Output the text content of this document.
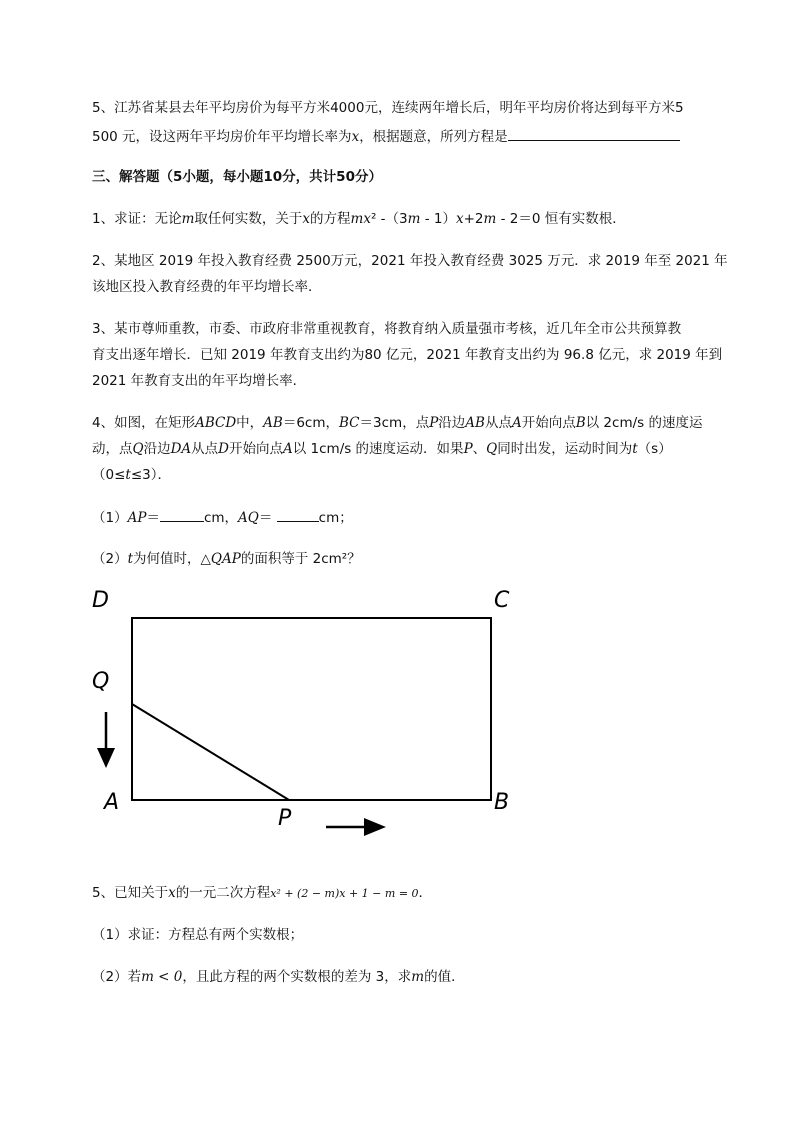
5、江苏省某县去年平均房价为每平方米4000元，连续两年增长后，明年平均房价将达到每平方米5
500 元，设这两年平均房价年平均增长率为x，根据题意，所列方程是
三、解答题（5小题，每小题10分，共计50分）
1、求证：无论m取任何实数，关于x的方程mx² -（3m - 1）x+2m - 2＝0 恒有实数根．
2、某地区 2019 年投入教育经费 2500万元，2021 年投入教育经费 3025 万元．求 2019 年至 2021 年
该地区投入教育经费的年平均增长率．
3、某市尊师重教，市委、市政府非常重视教育，将教育纳入质量强市考核，近几年全市公共预算教
育支出逐年增长．已知 2019 年教育支出约为80 亿元，2021 年教育支出约为 96.8 亿元，求 2019 年到
2021 年教育支出的年平均增长率．
4、如图，在矩形ABCD中，AB＝6cm，BC＝3cm，点P沿边AB从点A开始向点B以 2cm/s 的速度运
动，点Q沿边DA从点D开始向点A以 1cm/s 的速度运动．如果P、Q同时出发，运动时间为t（s）
（0≤t≤3）．
（1）AP＝	cm，AQ＝	cm；
（2）t为何值时，△QAP的面积等于 2cm²？
D	C
Q
A
P
B
5、已知关于x的一元二次方程x² + (2 − m)x + 1 − m = 0．
（1）求证：方程总有两个实数根；
（2）若m < 0，且此方程的两个实数根的差为 3，求m的值．
